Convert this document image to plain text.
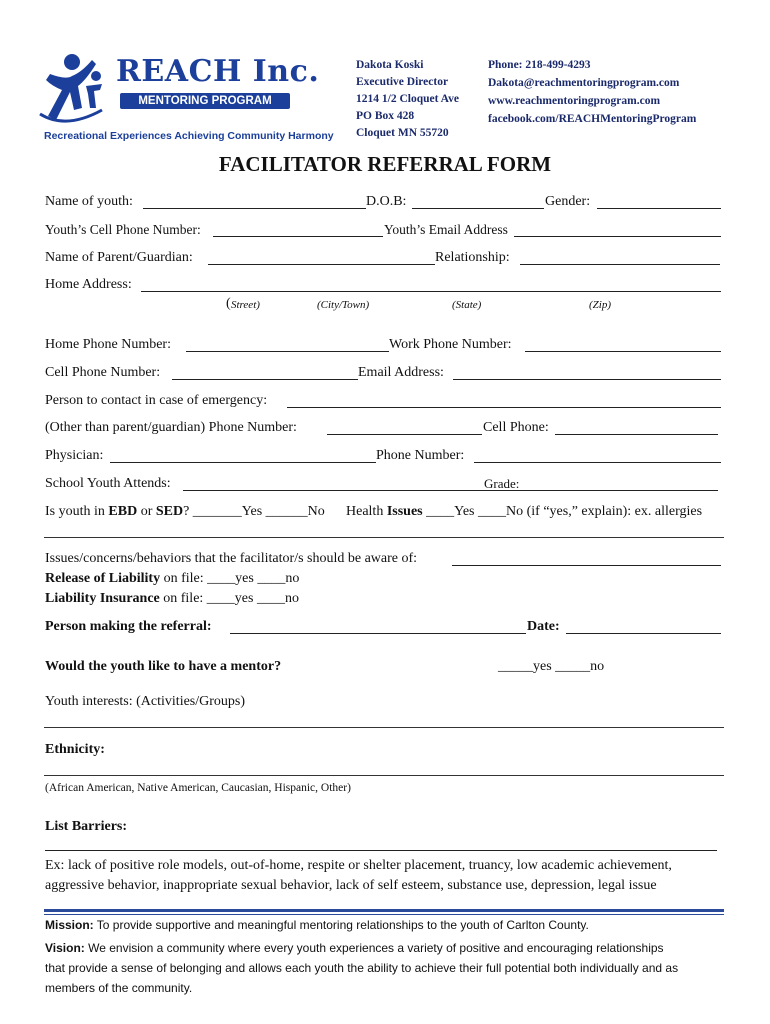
REACH Inc.
MENTORING PROGRAM
Recreational Experiences Achieving Community Harmony
Dakota Koski
Executive Director
1214 1/2 Cloquet Ave
PO Box 428
Cloquet MN 55720
Phone: 218-499-4293
Dakota@reachmentoringprogram.com
www.reachmentoringprogram.com
facebook.com/REACHMentoringProgram
FACILITATOR REFERRAL FORM
Name of youth:	D.O.B:	Gender:
Youth’s Cell Phone Number:	Youth’s Email Address
Name of Parent/Guardian:	Relationship:
Home Address:
( Street)	(City/Town)	(State)	(Zip)
Home Phone Number:	Work Phone Number:
Cell Phone Number:	Email Address:
Person to contact in case of emergency:
(Other than parent/guardian) Phone Number:	Cell Phone:
Physician:	Phone Number:
School Youth Attends:	Grade:
Is youth in EBD or SED? _______Yes ______No Health Issues ____Yes ____No (if “yes,” explain): ex. allergies
Issues/concerns/behaviors that the facilitator/s should be aware of:
Release of Liability on file: ____yes ____no
Liability Insurance on file: ____yes ____no
Person making the referral:	Date:
Would the youth like to have a mentor?	_____yes _____no
Youth interests: (Activities/Groups)
Ethnicity:
(African American, Native American, Caucasian, Hispanic, Other)
List Barriers:
Ex: lack of positive role models, out-of-home, respite or shelter placement, truancy, low academic achievement,
aggressive behavior, inappropriate sexual behavior, lack of self esteem, substance use, depression, legal issue
Mission: To provide supportive and meaningful mentoring relationships to the youth of Carlton County.
Vision: We envision a community where every youth experiences a variety of positive and encouraging relationships
that provide a sense of belonging and allows each youth the ability to achieve their full potential both individually and as
members of the community.
